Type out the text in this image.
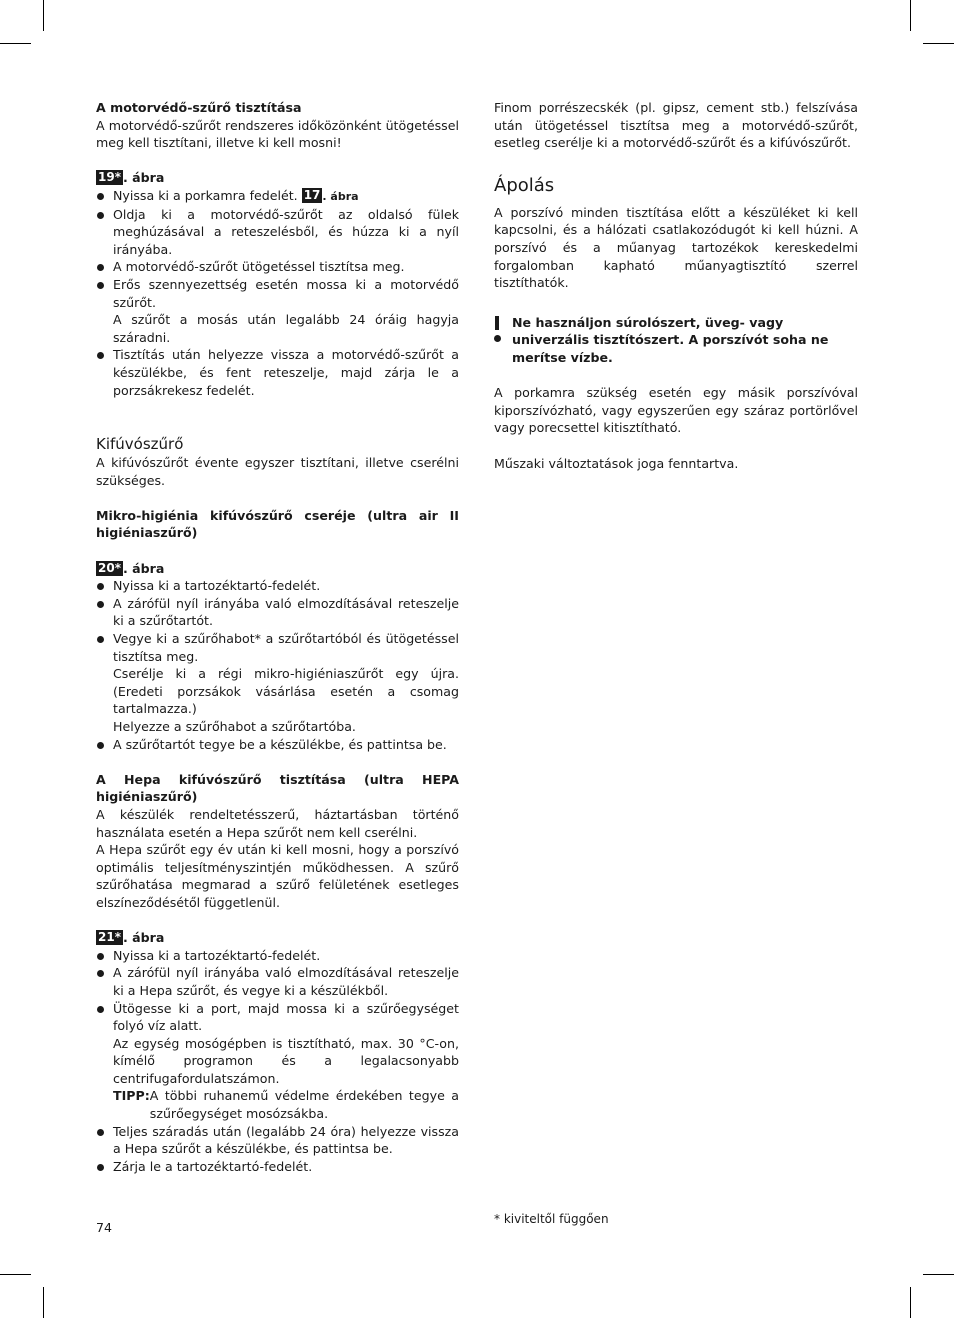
A motorvédő-szűrő tisztítása

A motorvédő-szűrőt rendszeres időközönként ütögetéssel meg kell tisztítani, illetve ki kell mosni!

19* . ábra

Nyissa ki a porkamra fedelét. 17 . ábra
Oldja ki a motorvédő-szűrőt az oldalsó fülek meghúzásával a reteszelésből, és húzza ki a nyíl irányába.
A motorvédő-szűrőt ütögetéssel tisztítsa meg.
Erős szennyezettség esetén mossa ki a motorvédő szűrőt.
A szűrőt a mosás után legalább 24 óráig hagyja száradni.
Tisztítás után helyezze vissza a motorvédő-szűrőt a készülékbe, és fent reteszelje, majd zárja le a porzsákrekesz fedelét.

Kifúvószűrő

A kifúvószűrőt évente egyszer tisztítani, illetve cserélni szükséges.

Mikro-higiénia kifúvószűrő cseréje (ultra air II higiéniaszűrő)

20* . ábra

Nyissa ki a tartozéktartó-fedelét.
A zárófül nyíl irányába való elmozdításával reteszelje ki a szűrőtartót.
Vegye ki a szűrőhabot* a szűrőtartóból és ütögetéssel tisztítsa meg.
Cserélje ki a régi mikro-higiéniaszűrőt egy újra. (Eredeti porzsákok vásárlása esetén a csomag tartalmazza.)
Helyezze a szűrőhabot a szűrőtartóba.
A szűrőtartót tegye be a készülékbe, és pattintsa be.

A Hepa kifúvószűrő tisztítása (ultra HEPA higiéniaszűrő)

A készülék rendeltetésszerű, háztartásban történő használata esetén a Hepa szűrőt nem kell cserélni.

A Hepa szűrőt egy év után ki kell mosni, hogy a porszívó optimális teljesítményszintjén működhessen. A szűrő szűrőhatása megmarad a szűrő felületének esetleges elszíneződésétől függetlenül.

21* . ábra

Nyissa ki a tartozéktartó-fedelét.
A zárófül nyíl irányába való elmozdításával reteszelje ki a Hepa szűrőt, és vegye ki a készülékből.
Ütögesse ki a port, majd mossa ki a szűrőegységet folyó víz alatt.
Az egység mosógépben is tisztítható, max. 30 °C-on, kímélő programon és a legalacsonyabb centrifugafordulatszámon.
TIPP: A többi ruhanemű védelme érdekében tegye a szűrőegységet mosózsákba.
Teljes száradás után (legalább 24 óra) helyezze vissza a Hepa szűrőt a készülékbe, és pattintsa be.
Zárja le a tartozéktartó-fedelét.

Finom porrészecskék (pl. gipsz, cement stb.) felszívása után ütögetéssel tisztítsa meg a motorvédő-szűrőt, esetleg cserélje ki a motorvédő-szűrőt és a kifúvószűrőt.

Ápolás

A porszívó minden tisztítása előtt a készüléket ki kell kapcsolni, és a hálózati csatlakozódugót ki kell húzni. A porszívó és a műanyag tartozékok kereskedelmi forgalomban kapható műanyagtisztító szerrel tisztíthatók.

Ne használjon súrolószert, üveg- vagy univerzális tisztítószert. A porszívót soha ne merítse vízbe.

A porkamra szükség esetén egy másik porszívóval kiporszívózható, vagy egyszerűen egy száraz portörlővel vagy porecsettel kitisztítható.

Műszaki változtatások joga fenntartva.

74
* kiviteltől függően
